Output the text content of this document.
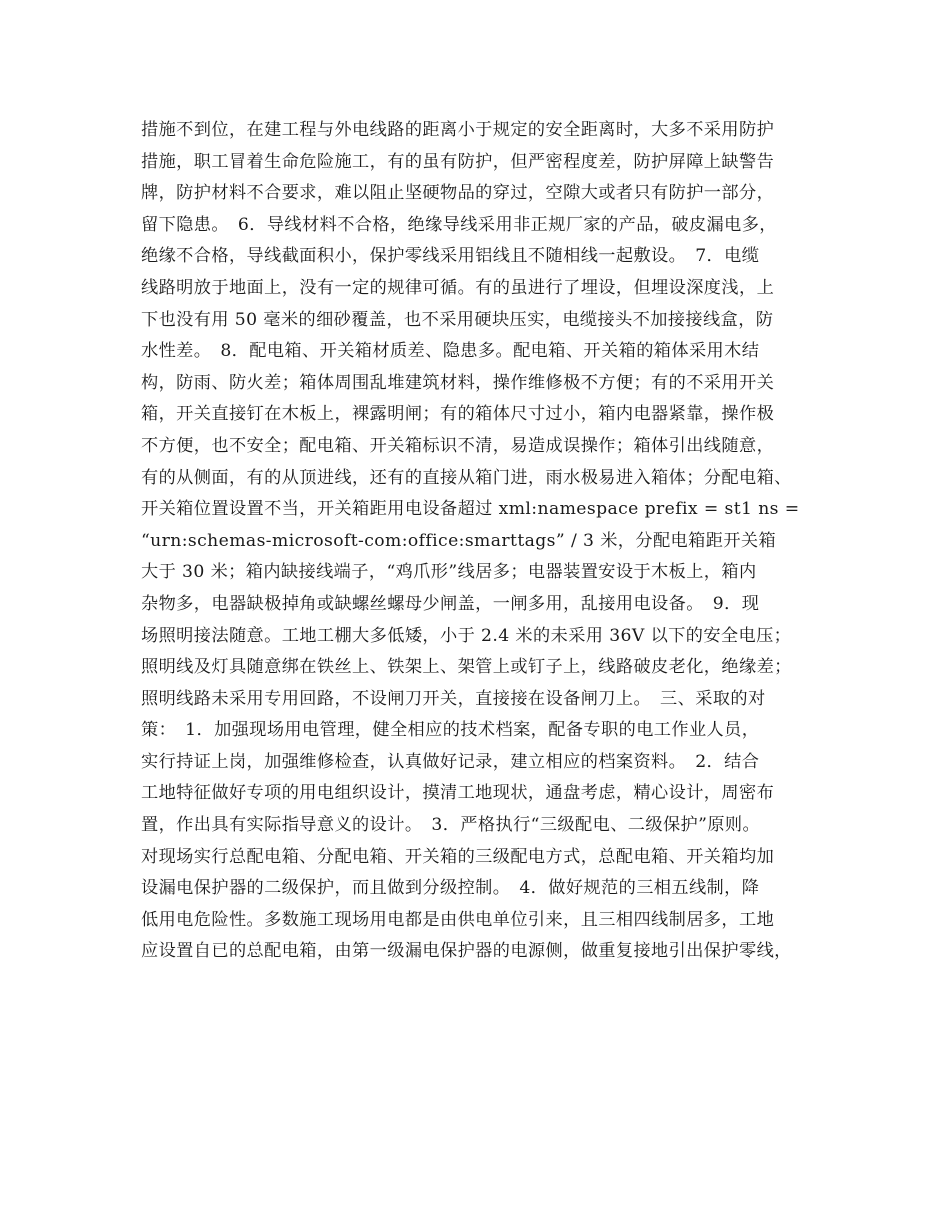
措施不到位，在建工程与外电线路的距离小于规定的安全距离时，大多不采用防护
措施，职工冒着生命危险施工，有的虽有防护，但严密程度差，防护屏障上缺警告
牌，防护材料不合要求，难以阻止坚硬物品的穿过，空隙大或者只有防护一部分，
留下隐患。　6．导线材料不合格，绝缘导线采用非正规厂家的产品，破皮漏电多，
绝缘不合格，导线截面积小，保护零线采用铝线且不随相线一起敷设。　7．电缆
线路明放于地面上，没有一定的规律可循。有的虽进行了埋设，但埋设深度浅，上
下也没有用 50 毫米的细砂覆盖，也不采用硬块压实，电缆接头不加接接线盒，防
水性差。　8．配电箱、开关箱材质差、隐患多。配电箱、开关箱的箱体采用木结
构，防雨、防火差；箱体周围乱堆建筑材料，操作维修极不方便；有的不采用开关
箱，开关直接钉在木板上，裸露明闸；有的箱体尺寸过小，箱内电器紧靠，操作极
不方便，也不安全；配电箱、开关箱标识不清，易造成误操作；箱体引出线随意，
有的从侧面，有的从顶进线，还有的直接从箱门进，雨水极易进入箱体；分配电箱、
开关箱位置设置不当，开关箱距用电设备超过 xml:namespace prefix = st1 ns =
“urn:schemas-microsoft-com:office:smarttags” / 3 米，分配电箱距开关箱
大于 30 米；箱内缺接线端子，“鸡爪形”线居多；电器装置安设于木板上，箱内
杂物多，电器缺极掉角或缺螺丝螺母少闸盖，一闸多用，乱接用电设备。　9．现
场照明接法随意。工地工棚大多低矮，小于 2.4 米的未采用 36V 以下的安全电压；
照明线及灯具随意绑在铁丝上、铁架上、架管上或钉子上，线路破皮老化，绝缘差；
照明线路未采用专用回路，不设闸刀开关，直接接在设备闸刀上。　三、采取的对
策：　1．加强现场用电管理，健全相应的技术档案，配备专职的电工作业人员，
实行持证上岗，加强维修检查，认真做好记录，建立相应的档案资料。　2．结合
工地特征做好专项的用电组织设计，摸清工地现状，通盘考虑，精心设计，周密布
置，作出具有实际指导意义的设计。　3．严格执行“三级配电、二级保护”原则。
对现场实行总配电箱、分配电箱、开关箱的三级配电方式，总配电箱、开关箱均加
设漏电保护器的二级保护，而且做到分级控制。　4．做好规范的三相五线制，降
低用电危险性。多数施工现场用电都是由供电单位引来，且三相四线制居多，工地
应设置自已的总配电箱，由第一级漏电保护器的电源侧，做重复接地引出保护零线，
